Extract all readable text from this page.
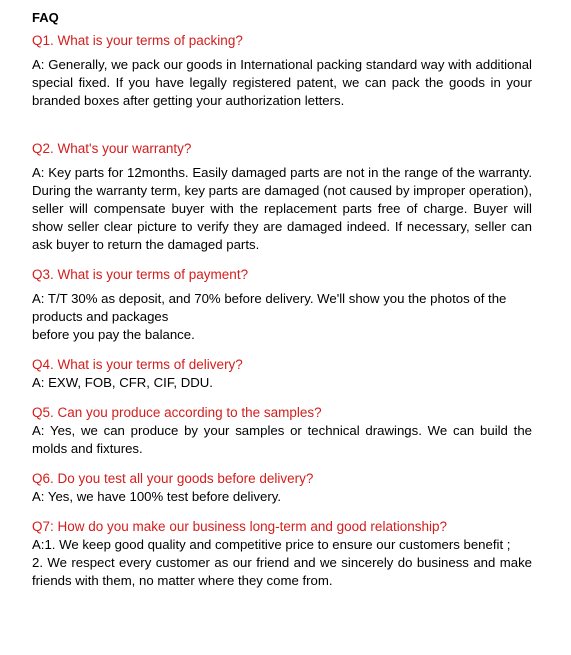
FAQ

Q1. What is your terms of packing?

A: Generally, we pack our goods in International packing standard way with additional special fixed. If you have legally registered patent, we can pack the goods in your branded boxes after getting your authorization letters.

Q2. What's your warranty?

A: Key parts for 12months. Easily damaged parts are not in the range of the warranty. During the warranty term, key parts are damaged (not caused by improper operation), seller will compensate buyer with the replacement parts free of charge. Buyer will show seller clear picture to verify they are damaged indeed. If necessary, seller can ask buyer to return the damaged parts.

Q3. What is your terms of payment?

A: T/T 30% as deposit, and 70% before delivery. We'll show you the photos of the products and packages
before you pay the balance.

Q4. What is your terms of delivery?

A: EXW, FOB, CFR, CIF, DDU.

Q5. Can you produce according to the samples?

A: Yes, we can produce by your samples or technical drawings. We can build the molds and fixtures.

Q6. Do you test all your goods before delivery?

A: Yes, we have 100% test before delivery.

Q7: How do you make our business long-term and good relationship?

A:1. We keep good quality and competitive price to ensure our customers benefit ;
2. We respect every customer as our friend and we sincerely do business and make friends with them, no matter where they come from.
